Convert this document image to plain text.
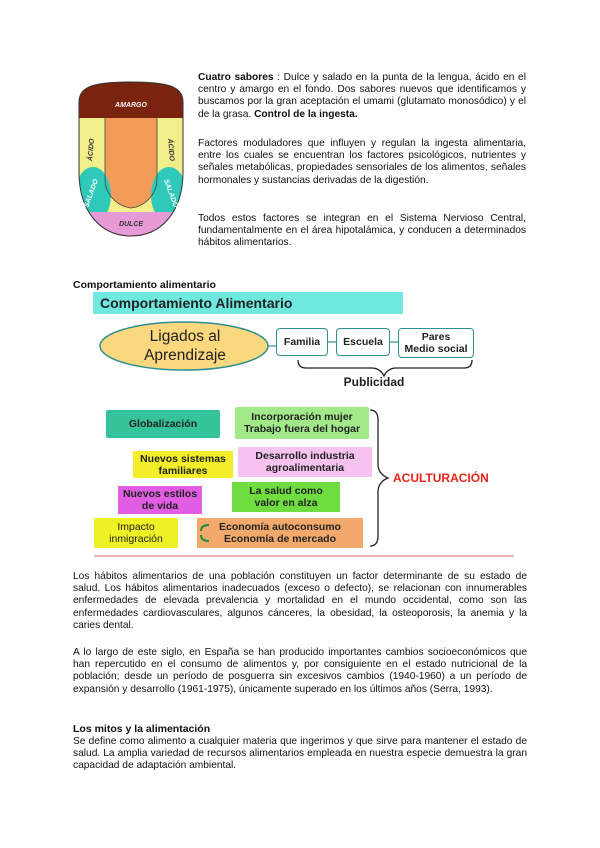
AMARGO
ÁCIDO	ÁCIDO
SALADO	SALADO
DULCE

Cuatro sabores : Dulce y salado en la punta de la lengua, ácido en el centro y amargo en el fondo. Dos sabores nuevos que identificamos y buscamos por la gran aceptación el umami (glutamato monosódico) y el de la grasa. Control de la ingesta.

Factores moduladores que influyen y regulan la ingesta alimentaria, entre los cuales se encuentran los factores psicológicos, nutrientes y señales metabólicas, propiedades sensoriales de los alimentos, señales hormonales y sustancias derivadas de la digestión.

Todos estos factores se integran en el Sistema Nervioso Central, fundamentalmente en el área hipotalámica, y conducen a determinados hábitos alimentarios.

Comportamiento alimentario
Comportamiento Alimentario
Ligados al
Aprendizaje
Familia	Escuela	Pares
Medio social
Publicidad
Globalización
Incorporación mujer
Trabajo fuera del hogar
Nuevos sistemas
familiares
Desarrollo industria
agroalimentaria
Nuevos estilos
de vida
La salud como
valor en alza
Impacto
inmigración
Economía autoconsumo
Economía de mercado
ACULTURACIÓN

Los hábitos alimentarios de una población constituyen un factor determinante de su estado de salud. Los hábitos alimentarios inadecuados (exceso o defecto), se relacionan con innumerables enfermedades de elevada prevalencia y mortalidad en el mundo occidental, como son las enfermedades cardiovasculares, algunos cánceres, la obesidad, la osteoporosis, la anemia y la caries dental.

A lo largo de este siglo, en España se han producido importantes cambios socioeconómicos que han repercutido en el consumo de alimentos y, por consiguiente en el estado nutricional de la población; desde un período de posguerra sin excesivos cambios (1940-1960) a un período de expansión y desarrollo (1961-1975), únicamente superado en los últimos años (Serra, 1993).

Los mitos y la alimentación

Se define como alimento a cualquier materia que ingerimos y que sirve para mantener el estado de salud. La amplia variedad de recursos alimentarios empleada en nuestra especie demuestra la gran capacidad de adaptación ambiental.
